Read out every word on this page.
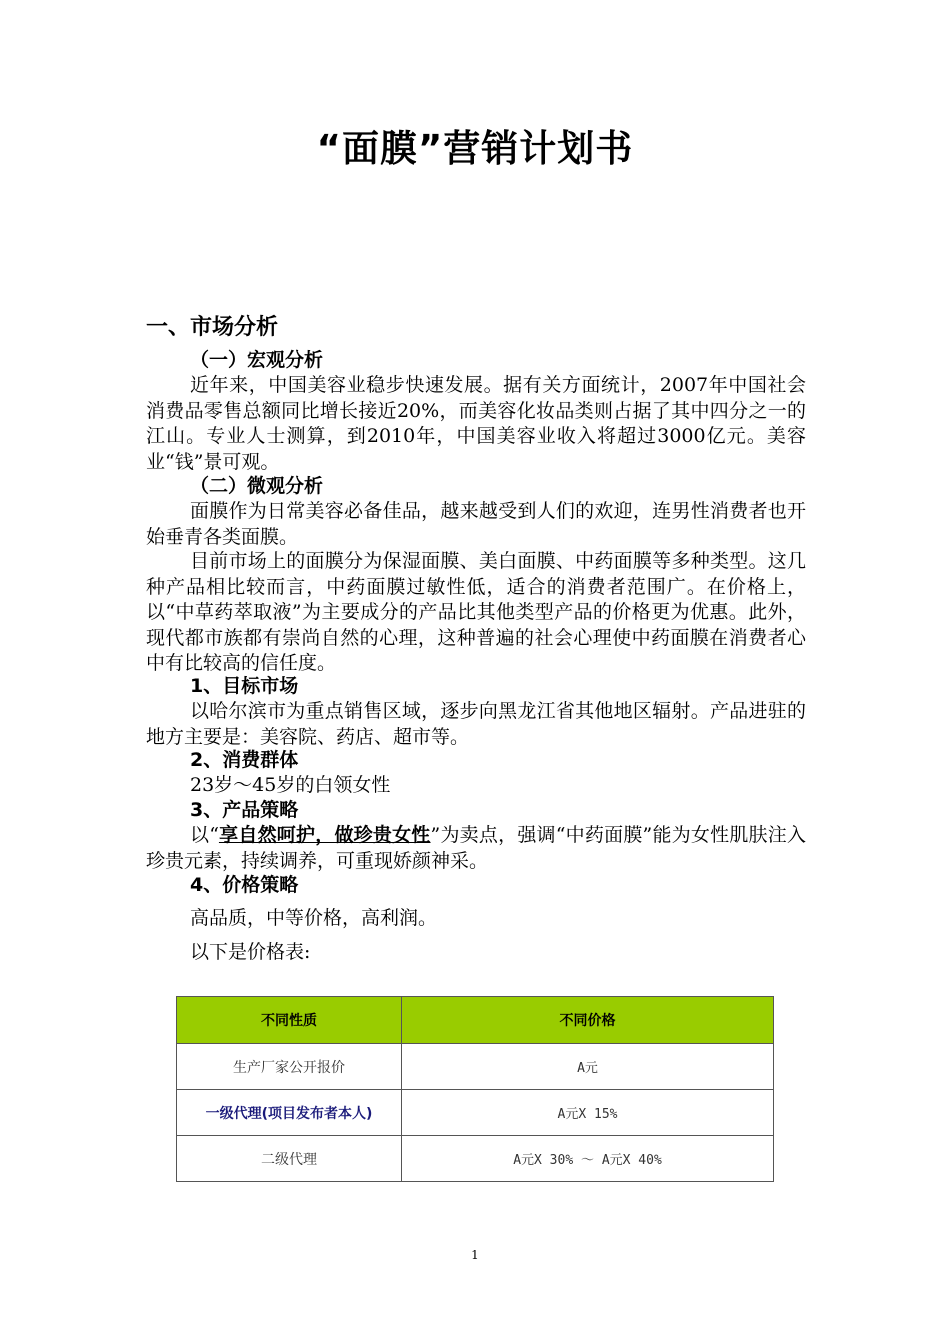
“面膜”营销计划书
一、市场分析
（一）宏观分析

近年来，中国美容业稳步快速发展。据有关方面统计，2007年中国社会消费品零售总额同比增长接近20%，而美容化妆品类则占据了其中四分之一的江山。专业人士测算，到2010年，中国美容业收入将超过3000亿元。美容业“钱”景可观。

（二）微观分析

面膜作为日常美容必备佳品，越来越受到人们的欢迎，连男性消费者也开始垂青各类面膜。

目前市场上的面膜分为保湿面膜、美白面膜、中药面膜等多种类型。这几种产品相比较而言，中药面膜过敏性低，适合的消费者范围广。在价格上，以“中草药萃取液”为主要成分的产品比其他类型产品的价格更为优惠。此外，现代都市族都有崇尚自然的心理，这种普遍的社会心理使中药面膜在消费者心中有比较高的信任度。

1、目标市场

以哈尔滨市为重点销售区域，逐步向黑龙江省其他地区辐射。产品进驻的地方主要是：美容院、药店、超市等。

2、消费群体
23岁～45岁的白领女性
3、产品策略

以“享自然呵护，做珍贵女性”为卖点，强调“中药面膜”能为女性肌肤注入珍贵元素，持续调养，可重现娇颜神采。

4、价格策略
高品质，中等价格，高利润。
以下是价格表:
不同性质	不同价格
生产厂家公开报价	A元
一级代理(项目发布者本人)	A元X 15%
二级代理	A元X 30% ～ A元X 40%
1
